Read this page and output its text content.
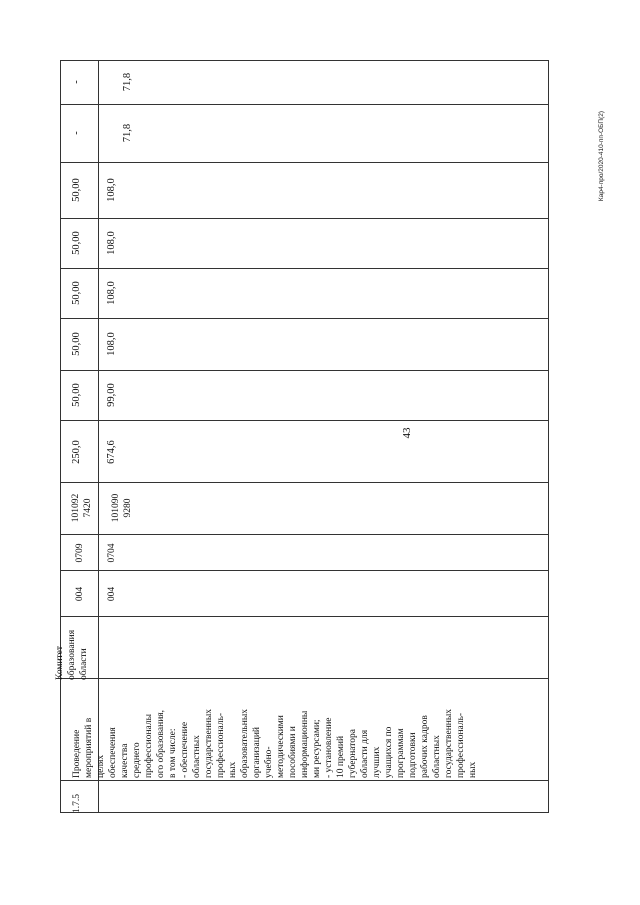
43
Кар4-про/2020-410-пп-ОБП(2)
1.7.5
Проведение мероприятий в целях обеспечения качества среднего профессионалы ого образования, в том числе: - обеспечение областных государственных профессиональ- ных образовательных организаций учебно- методическими пособиями и информационны ми ресурсами; - установление 10 премий губернатора области для лучших учащихся по программам подготовки рабочих кадров областных государственных профессиональ- ных
Комитет образования области
004 004
0709 0704
101092 7420 101090 9280
250,0
50,00
50,00
50,00
50,00
50,00
-
-
674,6
99,00
108,0
108,0
108,0
108,0
71,8
71,8
